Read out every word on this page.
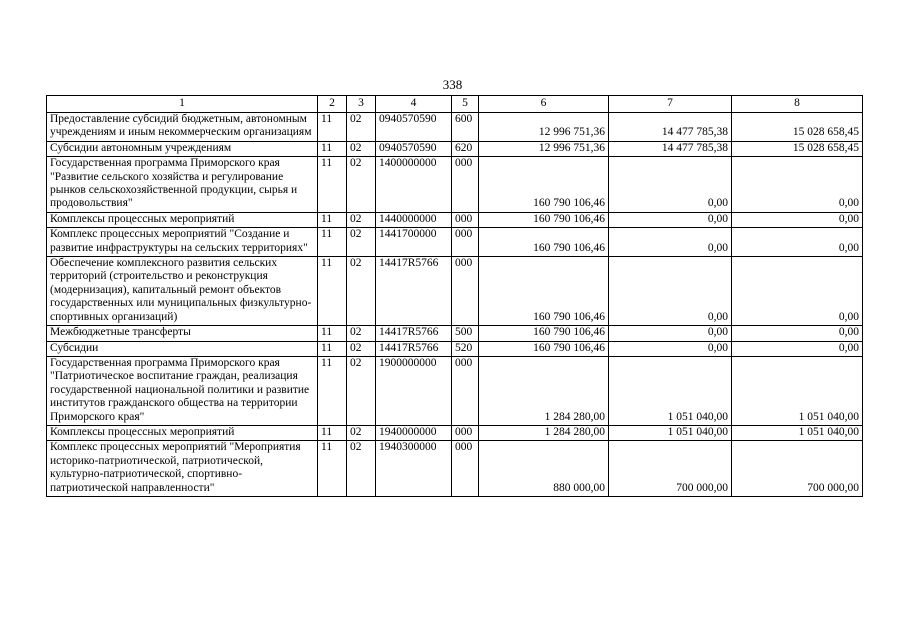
338
1	2	3	4	5	6	7	8
Предоставление субсидий бюджетным, автономным учреждениям и иным некоммерческим организациям	11	02	0940570590	600	12 996 751,36	14 477 785,38	15 028 658,45
Субсидии автономным учреждениям	11	02	0940570590	620	12 996 751,36	14 477 785,38	15 028 658,45
Государственная программа Приморского края "Развитие сельского хозяйства и регулирование рынков сельскохозяйственной продукции, сырья и продовольствия"	11	02	1400000000	000	160 790 106,46	0,00	0,00
Комплексы процессных мероприятий	11	02	1440000000	000	160 790 106,46	0,00	0,00
Комплекс процессных мероприятий "Создание и развитие инфраструктуры на сельских территориях"	11	02	1441700000	000	160 790 106,46	0,00	0,00
Обеспечение комплексного развития сельских территорий (строительство и реконструкция (модернизация), капитальный ремонт объектов государственных или муниципальных физкультурно-спортивных организаций)	11	02	14417R5766	000	160 790 106,46	0,00	0,00
Межбюджетные трансферты	11	02	14417R5766	500	160 790 106,46	0,00	0,00
Субсидии	11	02	14417R5766	520	160 790 106,46	0,00	0,00
Государственная программа Приморского края "Патриотическое воспитание граждан, реализация государственной национальной политики и развитие институтов гражданского общества на территории Приморского края"	11	02	1900000000	000	1 284 280,00	1 051 040,00	1 051 040,00
Комплексы процессных мероприятий	11	02	1940000000	000	1 284 280,00	1 051 040,00	1 051 040,00
Комплекс процессных мероприятий "Мероприятия историко-патриотической, патриотической, культурно-патриотической, спортивно-патриотической направленности"	11	02	1940300000	000	880 000,00	700 000,00	700 000,00
